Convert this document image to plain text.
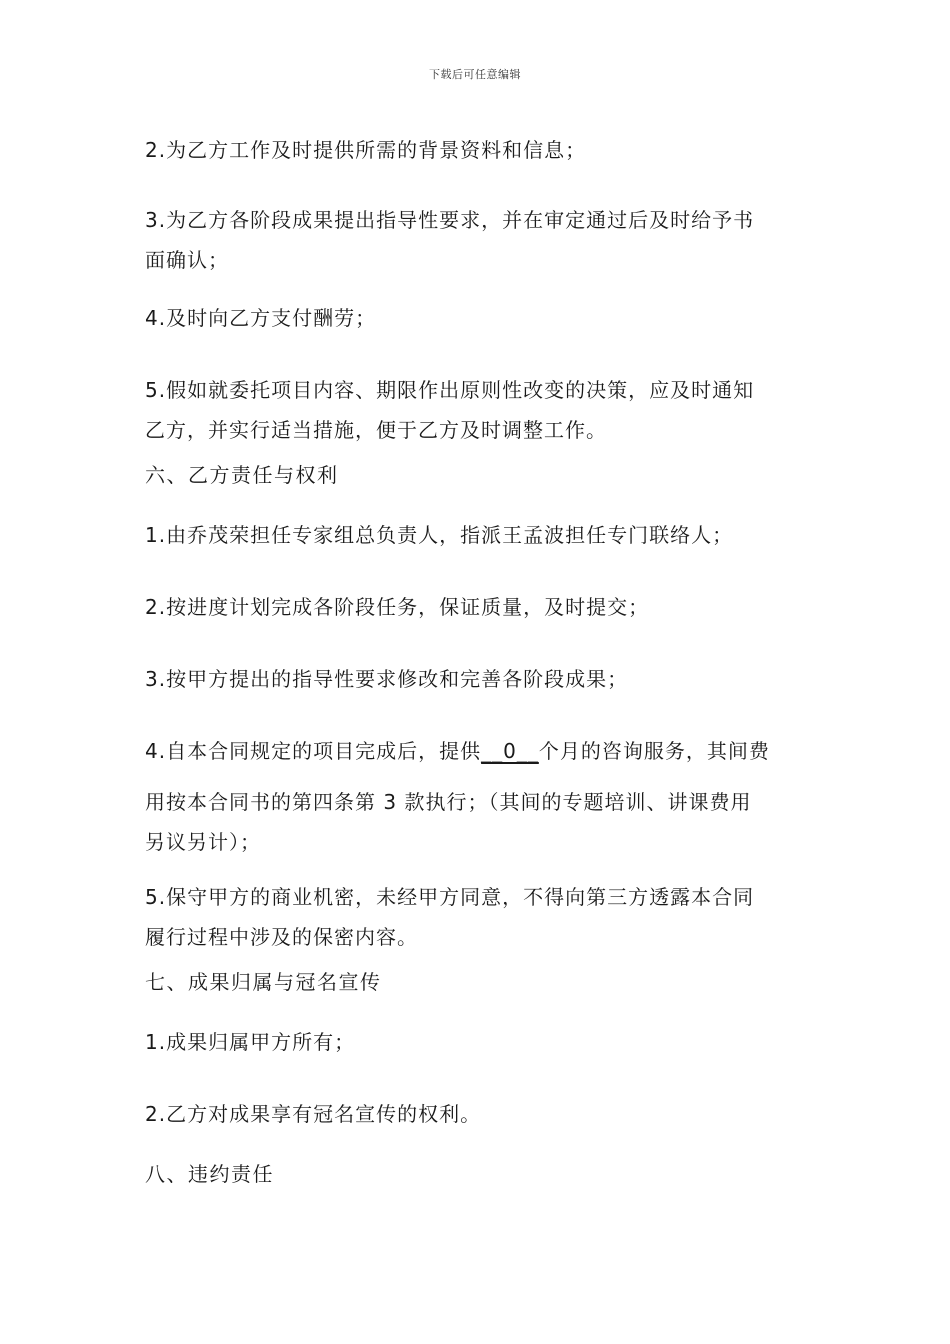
下载后可任意编辑

2.为乙方工作及时提供所需的背景资料和信息；

3.为乙方各阶段成果提出指导性要求，并在审定通过后及时给予书
面确认；

4.及时向乙方支付酬劳；

5.假如就委托项目内容、期限作出原则性改变的决策，应及时通知
乙方，并实行适当措施，便于乙方及时调整工作。

六、乙方责任与权利

1.由乔茂荣担任专家组总负责人，指派王孟波担任专门联络人；

2.按进度计划完成各阶段任务，保证质量，及时提交；

3.按甲方提出的指导性要求修改和完善各阶段成果；

4.自本合同规定的项目完成后，提供__0__个月的咨询服务，其间费

用按本合同书的第四条第 3 款执行；（其间的专题培训、讲课费用
另议另计）；

5.保守甲方的商业机密，未经甲方同意，不得向第三方透露本合同
履行过程中涉及的保密内容。

七、成果归属与冠名宣传

1.成果归属甲方所有；

2.乙方对成果享有冠名宣传的权利。

八、违约责任
